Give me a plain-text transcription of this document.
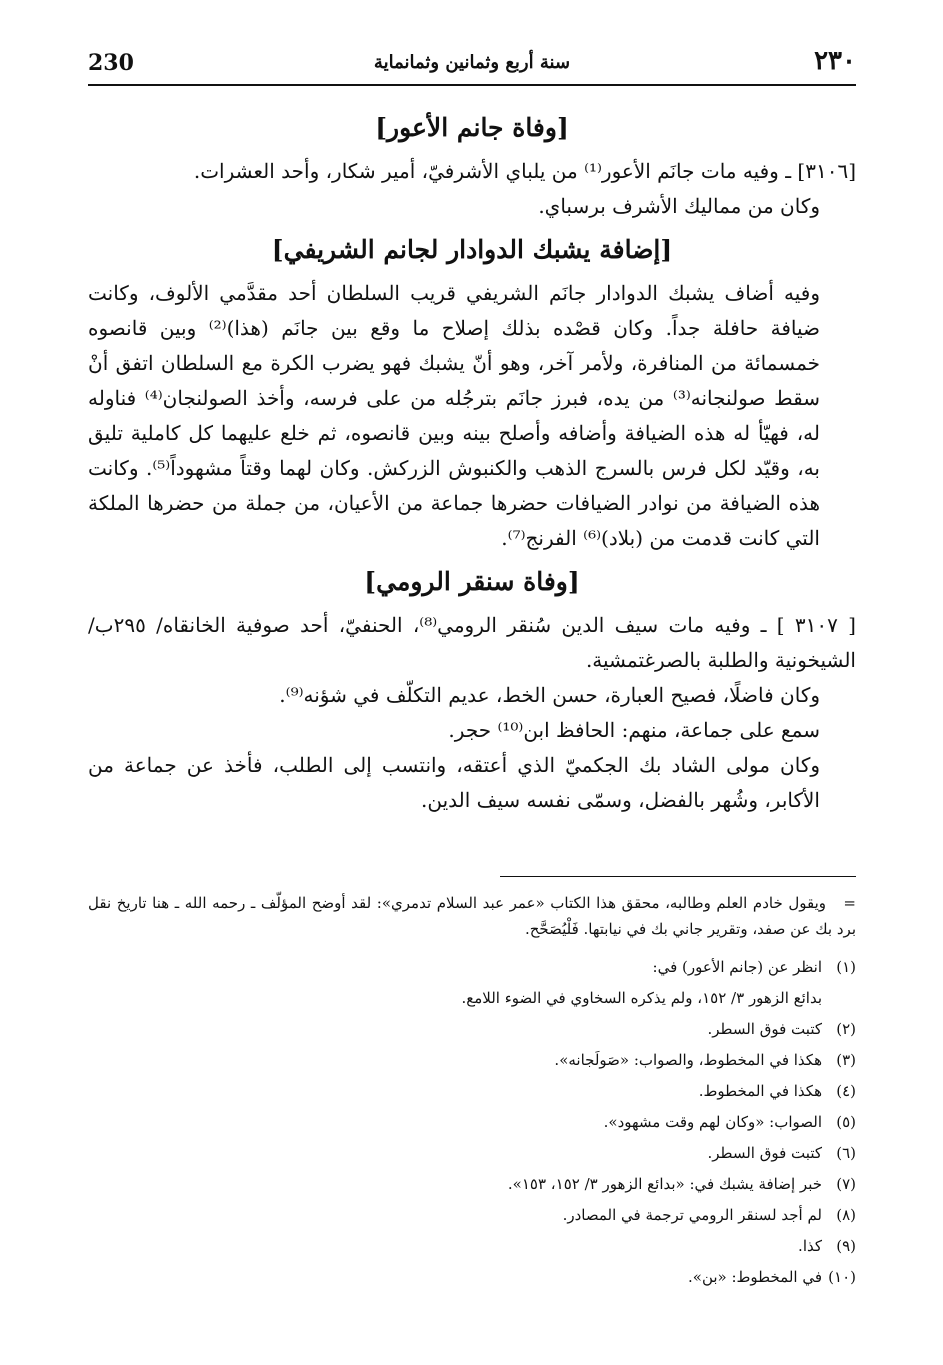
230	سنة أربع وثمانين وثمانماية	٢٣٠
[وفاة جانم الأعور]

[٣١٠٦] ـ وفيه مات جانَم الأعور⁽¹⁾ من يلباي الأشرفيّ، أمير شكار، وأحد العشرات.

وكان من مماليك الأشرف برسباي.

[إضافة يشبك الدوادار لجانم الشريفي]

وفيه أضاف يشبك الدوادار جانَم الشريفي قريب السلطان أحد مقدَّمي الألوف، وكانت ضيافة حافلة جداً. وكان قصْده بذلك إصلاح ما وقع بين جانَم (هذا)⁽²⁾ وبين قانصوه خمسمائة من المنافرة، ولأمر آخر، وهو أنّ يشبك فهو يضرب الكرة مع السلطان اتفق أنْ سقط صولنجانه⁽³⁾ من يده، فبرز جانَم بترجُله من على فرسه، وأخذ الصولنجان⁽⁴⁾ فناوله له، فهيّأ له هذه الضيافة وأضافه وأصلح بينه وبين قانصوه، ثم خلع عليهما كل كاملية تليق به، وقيّد لكل فرس بالسرج الذهب والكنبوش الزركش. وكان لهما وقتاً مشهوداً⁽⁵⁾. وكانت هذه الضيافة من نوادر الضيافات حضرها جماعة من الأعيان، من جملة من حضرها الملكة التي كانت قدمت من (بلاد)⁽⁶⁾ الفرنج⁽⁷⁾.

[وفاة سنقر الرومي]

[ ٣١٠٧ ] ـ وفيه مات سيف الدين سُنقر الرومي⁽⁸⁾، الحنفيّ، أحد صوفية الخانقاه/ ٢٩٥ب/ الشيخونية والطلبة بالصرغتمشية.

وكان فاضلًا، فصيح العبارة، حسن الخط، عديم التكلّف في شؤنه⁽⁹⁾.

سمع على جماعة، منهم: الحافظ ابن⁽¹⁰⁾ حجر.

وكان مولى الشاد بك الجكميّ الذي أعتقه، وانتسب إلى الطلب، فأخذ عن جماعة من الأكابر، وشُهر بالفضل، وسمّى نفسه سيف الدين.

=ويقول خادم العلم وطالبه، محقق هذا الكتاب «عمر عبد السلام تدمري»: لقد أوضح المؤلّف ـ رحمه الله ـ هنا تاريخ نقل برد بك عن صفد، وتقرير جاني بك في نيابتها. فَلْيُصَحَّح.

(١)انظر عن (جانم الأعور) في:

بدائع الزهور ٣/ ١٥٢، ولم يذكره السخاوي في الضوء اللامع.

(٢)كتبت فوق السطر.

(٣)هكذا في المخطوط، والصواب: «صَولَجانه».

(٤)هكذا في المخطوط.

(٥)الصواب: «وكان لهم وقت مشهود».

(٦)كتبت فوق السطر.

(٧)خبر إضافة يشبك في: «بدائع الزهور ٣/ ١٥٢، ١٥٣».

(٨)لم أجد لسنقر الرومي ترجمة في المصادر.

(٩)كذا.

(١٠)في المخطوط: «بن».
